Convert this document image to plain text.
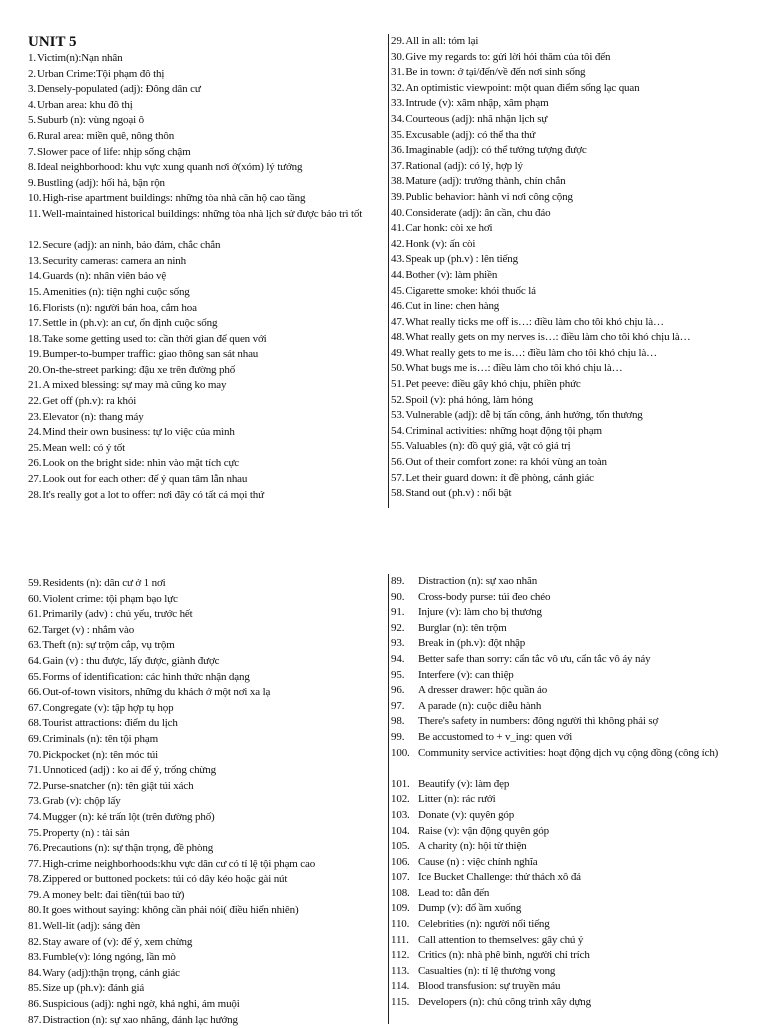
UNIT 5
1.Victim(n):Nạn nhân
2.Urban Crime:Tội phạm đô thị
3.Densely-populated (adj): Đông dân cư
4.Urban area: khu đô thị
5.Suburb (n): vùng ngoại ô
6.Rural area: miền quê, nông thôn
7.Slower pace of life: nhịp sống chậm
8.Ideal neighborhood: khu vực xung quanh nơi ở(xóm) lý tưởng
9.Bustling (adj): hối hả, bận rộn
10.High-rise apartment buildings: những tòa nhà căn hộ cao tầng
11.Well-maintained historical buildings: những tòa nhà lịch sử được bảo trì tốt
12.Secure (adj): an ninh, bảo đảm, chắc chắn
13.Security cameras: camera an ninh
14.Guards (n): nhân viên bảo vệ
15.Amenities (n): tiện nghi cuộc sống
16.Florists (n): người bán hoa, cắm hoa
17.Settle in (ph.v): an cư, ổn định cuộc sống
18.Take some getting used to: cần thời gian để quen với
19.Bumper-to-bumper traffic: giao thông san sát nhau
20.On-the-street parking: đậu xe trên đường phố
21.A mixed blessing: sự may mà cũng ko may
22.Get off (ph.v): ra khỏi
23.Elevator (n): thang máy
24.Mind their own business: tự lo việc của mình
25.Mean well: có ý tốt
26.Look on the bright side: nhìn vào mặt tích cực
27.Look out for each other: để ý quan tâm lẫn nhau
28.It's really got a lot to offer: nơi đây có tất cả mọi thứ
29.All in all: tóm lại
30.Give my regards to: gửi lời hỏi thăm của tôi đến
31.Be in town: ở tại/đến/về đến nơi sinh sống
32.An optimistic viewpoint: một quan điểm sống lạc quan
33.Intrude (v): xâm nhập, xâm phạm
34.Courteous (adj): nhã nhặn lịch sự
35.Excusable (adj): có thể tha thứ
36.Imaginable (adj): có thể tưởng tượng được
37.Rational (adj): có lý, hợp lý
38.Mature (adj): trưởng thành, chín chắn
39.Public behavior: hành vi nơi công cộng
40.Considerate (adj): ân cần, chu đáo
41.Car honk: còi xe hơi
42.Honk (v): ấn còi
43.Speak up (ph.v) : lên tiếng
44.Bother (v): làm phiền
45.Cigarette smoke: khói thuốc lá
46.Cut in line: chen hàng
47.What really ticks me off is…: điều làm cho tôi khó chịu là…
48.What really gets on my nerves is…: điều làm cho tôi khó chịu là…
49.What really gets to me is…: điều làm cho tôi khó chịu là…
50.What bugs me is…: điều làm cho tôi khó chịu là…
51.Pet peeve: điều gây khó chịu, phiền phức
52.Spoil (v): phá hỏng, làm hỏng
53.Vulnerable (adj): dễ bị tấn công, ảnh hưởng, tổn thương
54.Criminal activities: những hoạt động tội phạm
55.Valuables (n): đồ quý giá, vật có giá trị
56.Out of their comfort zone: ra khỏi vùng an toàn
57.Let their guard down: ít đề phòng, cảnh giác
58.Stand out (ph.v) : nổi bật
59.Residents (n): dân cư ở 1 nơi
60.Violent crime: tội phạm bạo lực
61.Primarily (adv) : chủ yếu, trước hết
62.Target (v) : nhắm vào
63.Theft (n): sự trộm cắp, vụ trộm
64.Gain (v) : thu được, lấy được, giành được
65.Forms of identification: các hình thức nhận dạng
66.Out-of-town visitors, những du khách ở một nơi xa lạ
67.Congregate (v): tập hợp tụ họp
68.Tourist attractions: điểm du lịch
69.Criminals (n): tên tội phạm
70.Pickpocket (n): tên móc túi
71.Unnoticed (adj) : ko ai để ý, trống chừng
72.Purse-snatcher (n): tên giật túi xách
73.Grab (v): chộp lấy
74.Mugger (n): kẻ trấn lột (trên đường phố)
75.Property (n) : tài sản
76.Precautions (n): sự thận trọng, đề phòng
77.High-crime neighborhoods:khu vực dân cư có tỉ lệ tội phạm cao
78.Zippered or buttoned pockets: túi có dây kéo hoặc gài nút
79.A money belt: đai tiền(túi bao tử)
80.It goes without saying: không cần phải nói( điều hiển nhiên)
81.Well-lit (adj): sáng đèn
82.Stay aware of (v): để ý, xem chừng
83.Fumble(v): lóng ngóng, lần mò
84.Wary (adj):thận trọng, cảnh giác
85.Size up (ph.v): đánh giá
86.Suspicious (adj): nghi ngờ, khả nghi, ám muội
87.Distraction (n): sự xao nhãng, đánh lạc hướng
89. Distraction (n): sự xao nhãn
90. Cross-body purse: túi đeo chéo
91. Injure (v): làm cho bị thương
92. Burglar (n): tên trộm
93. Break in (ph.v): đột nhập
94. Better safe than sorry: cẩn tắc vô ưu, cẩn tắc vô áy náy
95. Interfere (v): can thiệp
96. A dresser drawer: hộc quần áo
97. A parade (n): cuộc diễu hành
98. There's safety in numbers: đông người thì không phải sợ
99. Be accustomed to + v_ing: quen với
100. Community service activities: hoạt động dịch vụ cộng đồng (công ích)
101. Beautify (v): làm đẹp
102. Litter (n): rác rưởi
103. Donate (v): quyên góp
104. Raise (v): vận động quyên góp
105. A charity (n): hội từ thiện
106. Cause (n) : việc chính nghĩa
107. Ice Bucket Challenge: thử thách xô đá
108. Lead to: dẫn đến
109. Dump (v): đổ ầm xuống
110. Celebrities (n): người nổi tiếng
111. Call attention to themselves: gây chú ý
112. Critics (n): nhà phê bình, người chỉ trích
113. Casualties (n): tỉ lệ thương vong
114. Blood transfusion: sự truyền máu
115. Developers (n): chủ công trình xây dựng
